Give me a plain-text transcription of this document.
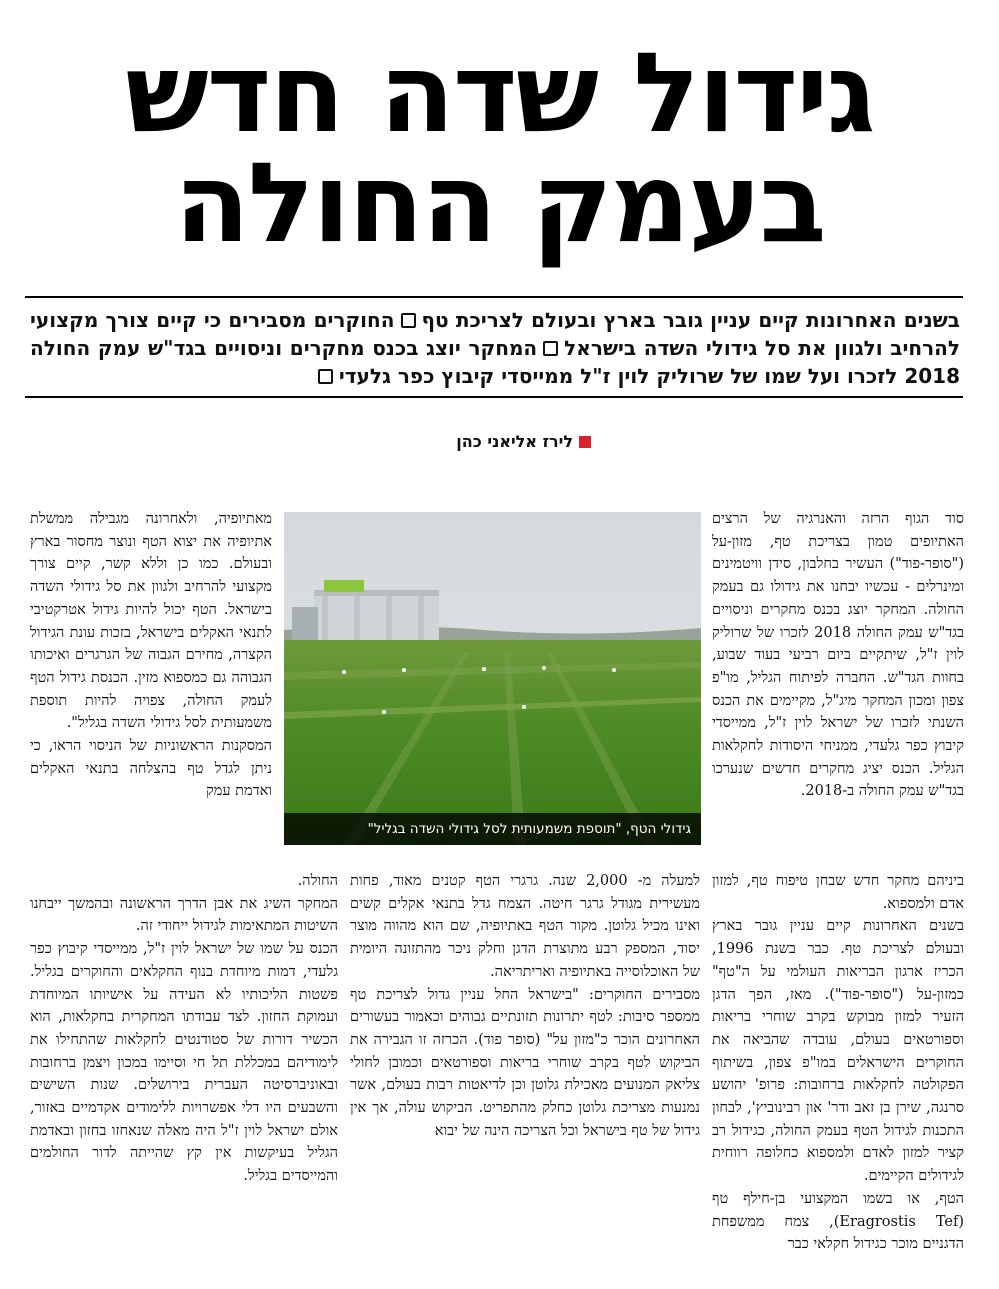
גידול שדה חדש
בעמק החולה
בשנים האחרונות קיים עניין גובר בארץ ובעולם לצריכת טףהחוקרים מסבירים כי קיים צורך מקצועי להרחיב ולגוון את סל גידולי השדה בישראלהמחקר יוצג בכנס מחקרים וניסויים בגד"ש עמק החולה 2018 לזכרו ועל שמו של שרוליק לוין ז"ל ממייסדי קיבוץ כפר גלעדי
לירז אליאני כהן
גידולי הטף, "תוספת משמעותית לסל גידולי השדה בגליל"

סוד הגוף הרזה והאנרגיה של הרצים האתיופים טמון בצריכת טף, מזון-על ("סופר-פוד") העשיר בחלבון, סידן וויטמינים ומינרלים - עכשיו יבחנו את גידולו גם בעמק החולה. המחקר יוצג בכנס מחקרים וניסויים בגד"ש עמק החולה 2018 לזכרו של שרוליק לוין ז"ל, שיתקיים ביום רביעי בעוד שבוע, בחוות הגד"ש. החברה לפיתוח הגליל, מו"פ צפון ומכון המחקר מיג"ל, מקיימים את הכנס השנתי לזכרו של ישראל לוין ז"ל, ממייסדי קיבוץ כפר גלעדי, ממניחי היסודות לחקלאות הגליל. הכנס יציג מחקרים חדשים שנערכו בגד"ש עמק החולה ב-2018.

ביניהם מחקר חדש שבחן טיפוח טף, למזון אדם ולמספוא.

בשנים האחרונות קיים עניין גובר בארץ ובעולם לצריכת טף. כבר בשנת 1996, הכריז ארגון הבריאות העולמי על ה"טף" כמזון-על ("סופר-פוד"). מאז, הפך הדגן הזעיר למזון מבוקש בקרב שוחרי בריאות וספורטאים בעולם, עובדה שהביאה את החוקרים הישראלים במו"פ צפון, בשיתוף הפקולטה לחקלאות ברחובות: פרופ' יהושע סרנגה, שירן בן זאב ודר' און רבינוביץ', לבחון התכנות לגידול הטף בעמק החולה, כגידול רב קציר למזון לאדם ולמספוא כחלופה רווחית לגידולים הקיימים.

הטף, או בשמו המקצועי בן-חילף טף (Eragrostis Tef), צמח ממשפחת הדגניים מוכר כגידול חקלאי כבר

למעלה מ- 2,000 שנה. גרגרי הטף קטנים מאוד, פחות מעשירית מגודל גרגר חיטה. הצמח גדל בתנאי אקלים קשים ואינו מכיל גלוטן. מקור הטף באתיופיה, שם הוא מהווה מוצר יסוד, המספק רבע מתוצרת הדגן וחלק ניכר מהתזונה היומית של האוכלוסייה באתיופיה ואריתריאה.

מסבירים החוקרים: "בישראל החל עניין גדול לצריכת טף ממספר סיבות: לטף יתרונות תזונתיים גבוהים וכאמור בעשורים האחרונים הוכר כ"מזון על" (סופר פוד). הכרזה זו הגבירה את הביקוש לטף בקרב שוחרי בריאות וספורטאים וכמובן לחולי צליאק המנועים מאכילת גלוטן וכן לדיאטות רבות בעולם, אשר נמנעות מצריכת גלוטן כחלק מהתפריט. הביקוש עולה, אך אין גידול של טף בישראל וכל הצריכה הינה של יבוא

מאתיופיה, ולאחרונה מגבילה ממשלת אתיופיה את יצוא הטף ונוצר מחסור בארץ ובעולם. כמו כן וללא קשר, קיים צורך מקצועי להרחיב ולגוון את סל גידולי השדה בישראל. הטף יכול להיות גידול אטרקטיבי לתנאי האקלים בישראל, בזכות עונת הגידול הקצרה, מחירם הגבוה של הגרגרים ואיכותו הגבוהה גם כמספוא מזין. הכנסת גידול הטף לעמק החולה, צפויה להיות תוספת משמעותית לסל גידולי השדה בגליל".

המסקנות הראשוניות של הניסוי הראו, כי ניתן לגדל טף בהצלחה בתנאי האקלים ואדמת עמק

החולה.

המחקר השיג את אבן הדרך הראשונה ובהמשך ייבחנו השיטות המתאימות לגידול ייחודי זה.

הכנס על שמו של ישראל לוין ז"ל, ממייסדי קיבוץ כפר גלעדי, דמות מיוחדת בנוף החקלאים והחוקרים בגליל. פשטות הליכותיו לא העידה על אישיותו המיוחדת ועמוקת החזון. לצד עבודתו המחקרית בחקלאות, הוא הכשיר דורות של סטודנטים לחקלאות שהתחילו את לימודיהם במכללת תל חי וסיימו במכון ויצמן ברחובות ובאוניברסיטה העברית בירושלים. שנות השישים והשבעים היו דלי אפשרויות ללימודים אקדמיים באזור, אולם ישראל לוין ז"ל היה מאלה שנאחזו בחזון ובאדמת הגליל בעיקשות אין קץ שהייתה לדור החולמים והמייסדים בגליל.
